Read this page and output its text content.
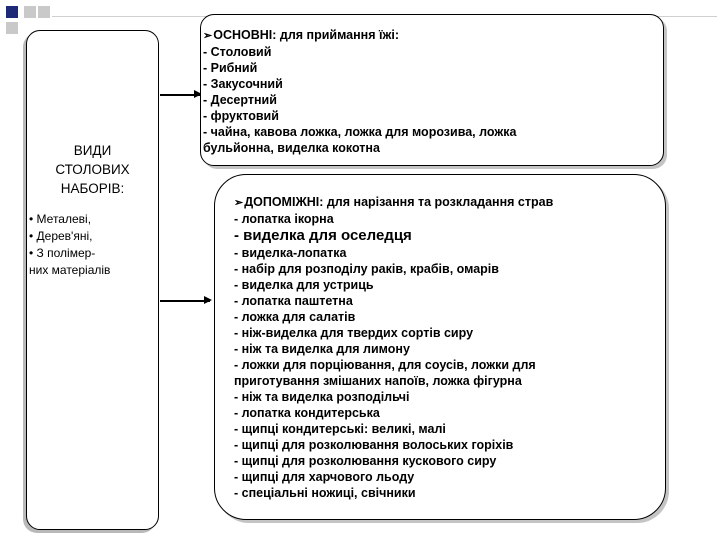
ВИДИ
СТОЛОВИХ
НАБОРІВ:
• Металеві,
• Дерев'яні,
• З полімер-
них матеріалів
➢ОСНОВНІ: для приймання їжі:
- Столовий
- Рибний
- Закусочний
- Десертний
- фруктовий
- чайна, кавова ложка, ложка для морозива, ложка
бульйонна, виделка кокотна
➢ДОПОМІЖНІ: для нарізання та розкладання страв
- лопатка ікорна
- виделка для оселедця
- виделка-лопатка
- набір для розподілу раків, крабів, омарів
- виделка для устриць
- лопатка паштетна
- ложка для салатів
- ніж-виделка для твердих сортів сиру
- ніж та виделка для лимону
- ложки для порціювання, для соусів, ложки для
приготування змішаних напоїв, ложка фігурна
- ніж та виделка розподільчі
- лопатка кондитерська
- щипці кондитерські: великі, малі
- щипці для розколювання волоських горіхів
- щипці для розколювання кускового сиру
- щипці для харчового льоду
- спеціальні ножиці, свічники
